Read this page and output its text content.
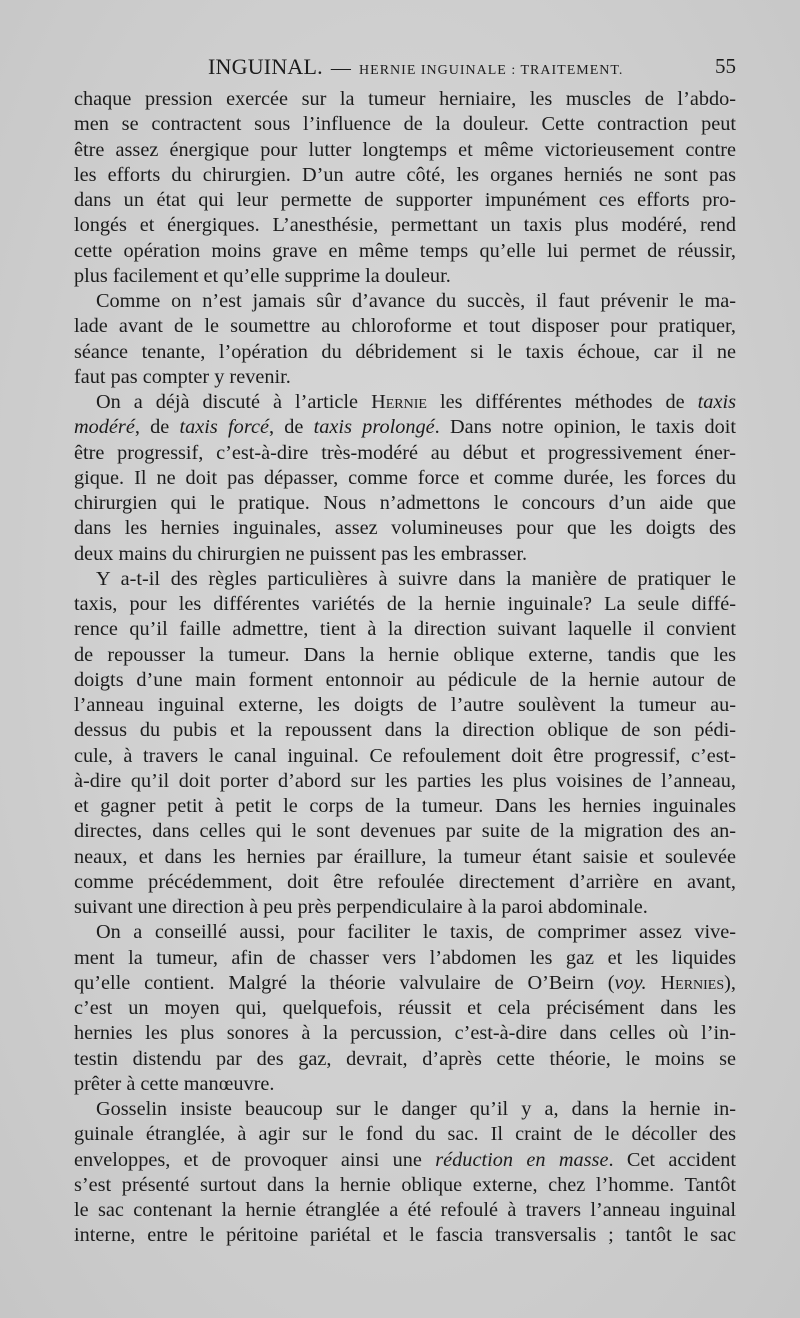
INGUINAL. — HERNIE INGUINALE : TRAITEMENT.	55
chaque pression exercée sur la tumeur herniaire, les muscles de l’abdo-
men se contractent sous l’influence de la douleur. Cette contraction peut
être assez énergique pour lutter longtemps et même victorieusement contre
les efforts du chirurgien. D’un autre côté, les organes herniés ne sont pas
dans un état qui leur permette de supporter impunément ces efforts pro-
longés et énergiques. L’anesthésie, permettant un taxis plus modéré, rend
cette opération moins grave en même temps qu’elle lui permet de réussir,
plus facilement et qu’elle supprime la douleur.
Comme on n’est jamais sûr d’avance du succès, il faut prévenir le ma-
lade avant de le soumettre au chloroforme et tout disposer pour pratiquer,
séance tenante, l’opération du débridement si le taxis échoue, car il ne
faut pas compter y revenir.
On a déjà discuté à l’article Hernie les différentes méthodes de taxis
modéré, de taxis forcé, de taxis prolongé. Dans notre opinion, le taxis doit
être progressif, c’est-à-dire très-modéré au début et progressivement éner-
gique. Il ne doit pas dépasser, comme force et comme durée, les forces du
chirurgien qui le pratique. Nous n’admettons le concours d’un aide que
dans les hernies inguinales, assez volumineuses pour que les doigts des
deux mains du chirurgien ne puissent pas les embrasser.
Y a-t-il des règles particulières à suivre dans la manière de pratiquer le
taxis, pour les différentes variétés de la hernie inguinale? La seule diffé-
rence qu’il faille admettre, tient à la direction suivant laquelle il convient
de repousser la tumeur. Dans la hernie oblique externe, tandis que les
doigts d’une main forment entonnoir au pédicule de la hernie autour de
l’anneau inguinal externe, les doigts de l’autre soulèvent la tumeur au-
dessus du pubis et la repoussent dans la direction oblique de son pédi-
cule, à travers le canal inguinal. Ce refoulement doit être progressif, c’est-
à-dire qu’il doit porter d’abord sur les parties les plus voisines de l’anneau,
et gagner petit à petit le corps de la tumeur. Dans les hernies inguinales
directes, dans celles qui le sont devenues par suite de la migration des an-
neaux, et dans les hernies par éraillure, la tumeur étant saisie et soulevée
comme précédemment, doit être refoulée directement d’arrière en avant,
suivant une direction à peu près perpendiculaire à la paroi abdominale.
On a conseillé aussi, pour faciliter le taxis, de comprimer assez vive-
ment la tumeur, afin de chasser vers l’abdomen les gaz et les liquides
qu’elle contient. Malgré la théorie valvulaire de O’Beirn (voy. Hernies),
c’est un moyen qui, quelquefois, réussit et cela précisément dans les
hernies les plus sonores à la percussion, c’est-à-dire dans celles où l’in-
testin distendu par des gaz, devrait, d’après cette théorie, le moins se
prêter à cette manœuvre.
Gosselin insiste beaucoup sur le danger qu’il y a, dans la hernie in-
guinale étranglée, à agir sur le fond du sac. Il craint de le décoller des
enveloppes, et de provoquer ainsi une réduction en masse. Cet accident
s’est présenté surtout dans la hernie oblique externe, chez l’homme. Tantôt
le sac contenant la hernie étranglée a été refoulé à travers l’anneau inguinal
interne, entre le péritoine pariétal et le fascia transversalis ; tantôt le sac
